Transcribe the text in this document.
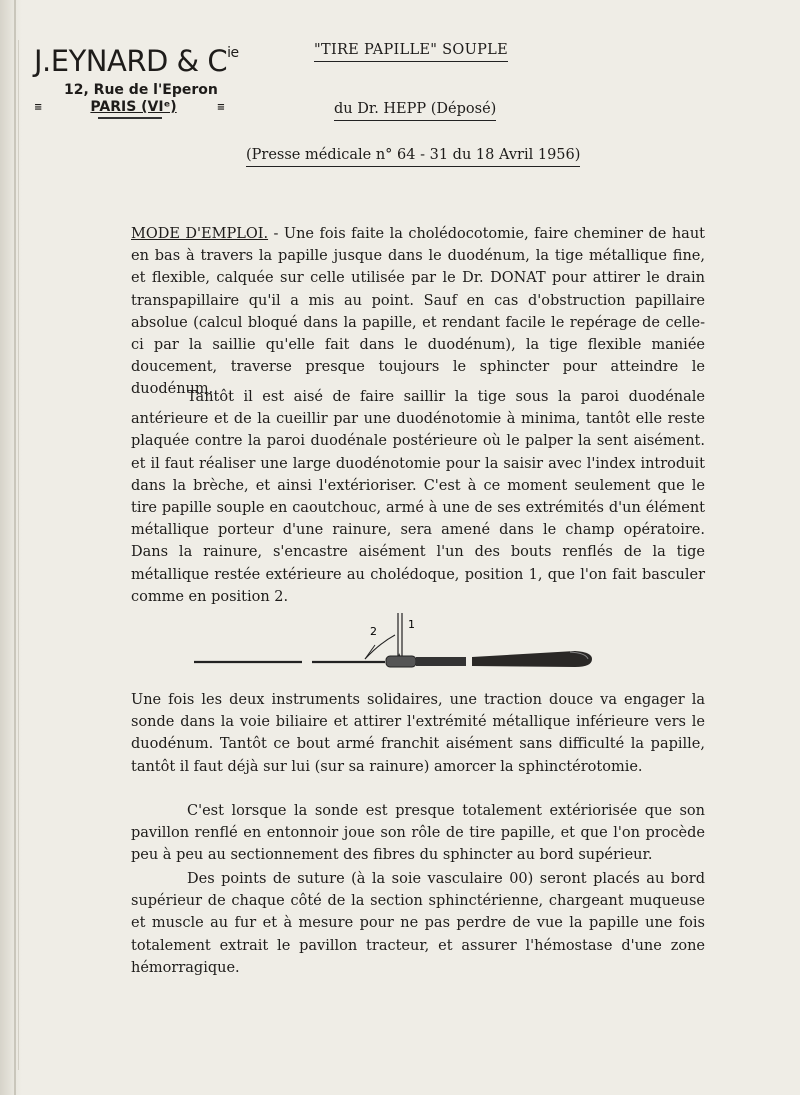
J.EYNARD & $C^{ie}$
12, Rue de l'Eperon
≡	PARIS (VIᵉ)	≡
"TIRE PAPILLE" SOUPLE
du Dr. HEPP (Déposé)
(Presse médicale n° 64 - 31 du 18 Avril 1956)

MODE D'EMPLOI. - Une fois faite la cholédocotomie, faire cheminer de haut en bas à travers la papille jusque dans le duodénum, la tige métallique fine, et flexible, calquée sur celle utilisée par le Dr. DONAT pour attirer le drain transpapillaire qu'il a mis au point. Sauf en cas d'obstruction papillaire absolue (calcul bloqué dans la papille, et rendant facile le repérage de celle-ci par la saillie qu'elle fait dans le duodénum), la tige flexible maniée doucement, traverse presque toujours le sphincter pour atteindre le duodénum.

Tantôt il est aisé de faire saillir la tige sous la paroi duodénale antérieure et de la cueillir par une duodénotomie à minima, tantôt elle reste plaquée contre la paroi duodénale postérieure où le palper la sent aisément. et il faut réaliser une large duodénotomie pour la saisir avec l'index introduit dans la brèche, et ainsi l'extérioriser. C'est à ce moment seulement que le tire papille souple en caoutchouc, armé à une de ses extrémités d'un élément métallique porteur d'une rainure, sera amené dans le champ opératoire. Dans la rainure, s'encastre aisément l'un des bouts renflés de la tige métallique restée extérieure au cholédoque, position 1, que l'on fait basculer comme en position 2.

2
1

Une fois les deux instruments solidaires, une traction douce va engager la sonde dans la voie biliaire et attirer l'extrémité métallique inférieure vers le duodénum. Tantôt ce bout armé franchit aisément sans difficulté la papille, tantôt il faut déjà sur lui (sur sa rainure) amorcer la sphinctérotomie.

C'est lorsque la sonde est presque totalement extériorisée que son pavillon renflé en entonnoir joue son rôle de tire papille, et que l'on procède peu à peu au sectionnement des fibres du sphincter au bord supérieur.

Des points de suture (à la soie vasculaire 00) seront placés au bord supérieur de chaque côté de la section sphinctérienne, chargeant muqueuse et muscle au fur et à mesure pour ne pas perdre de vue la papille une fois totalement extrait le pavillon tracteur, et assurer l'hémostase d'une zone hémorragique.
